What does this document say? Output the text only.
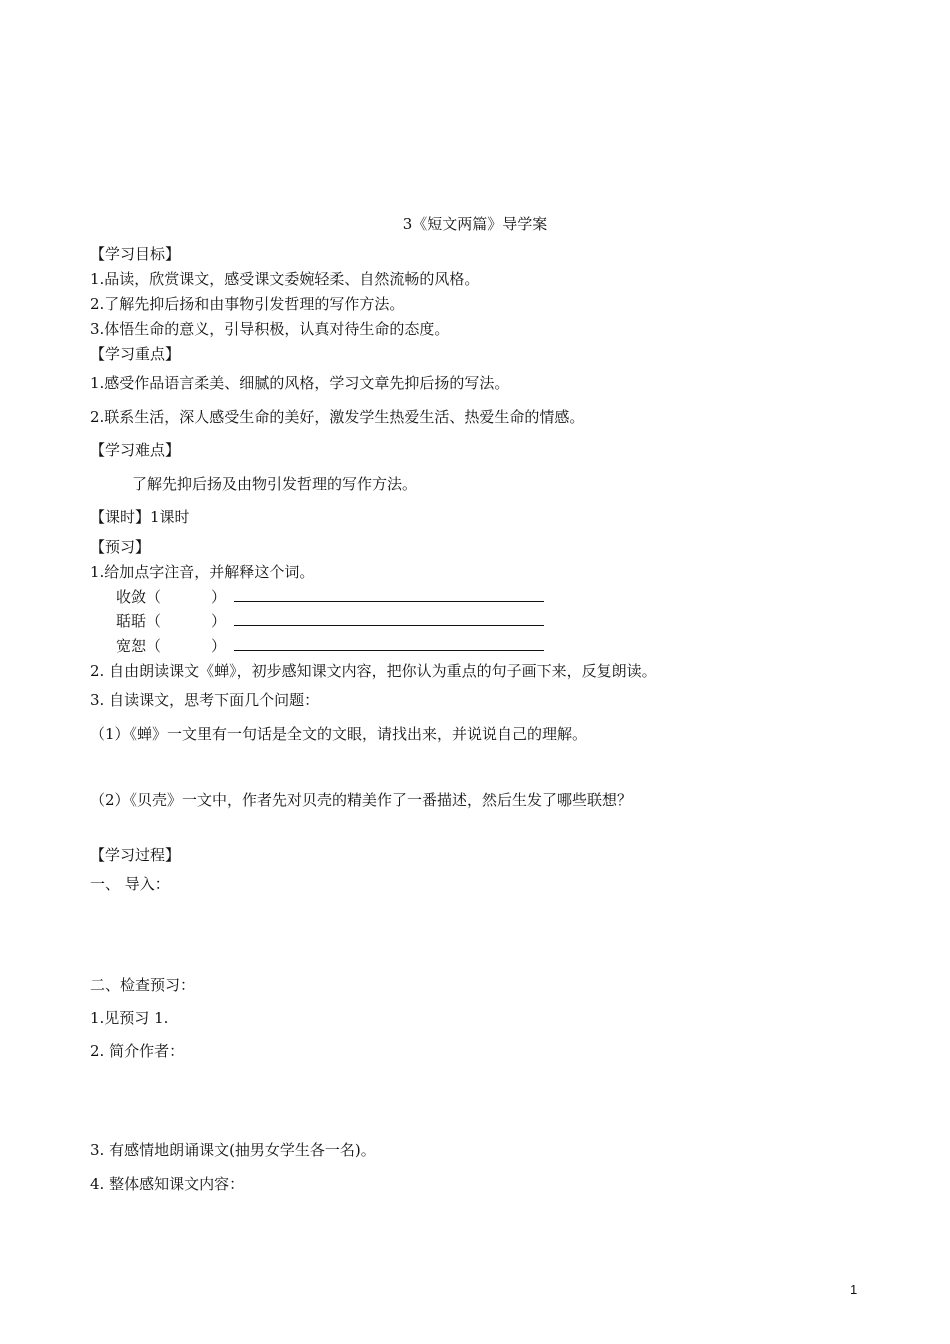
3《短文两篇》导学案
【学习目标】
1.品读，欣赏课文，感受课文委婉轻柔、自然流畅的风格。
2.了解先抑后扬和由事物引发哲理的写作方法。
3.体悟生命的意义，引导积极，认真对待生命的态度。
【学习重点】
1.感受作品语言柔美、细腻的风格，学习文章先抑后扬的写法。
2.联系生活，深人感受生命的美好，激发学生热爱生活、热爱生命的情感。
【学习难点】
了解先抑后扬及由物引发哲理的写作方法。
【课时】1课时
【预习】
1.给加点字注音，并解释这个词。
收敛（	）
聒聒（	）
宽恕（	）
2. 自由朗读课文《蝉》，初步感知课文内容，把你认为重点的句子画下来，反复朗读。
3. 自读课文，思考下面几个问题：
（1）《蝉》一文里有一句话是全文的文眼，请找出来，并说说自己的理解。
（2）《贝壳》一文中，作者先对贝壳的精美作了一番描述，然后生发了哪些联想？
【学习过程】
一、 导入：
二、检查预习：
1.见预习 1.
2. 简介作者：
3. 有感情地朗诵课文(抽男女学生各一名)。
4. 整体感知课文内容：
1
